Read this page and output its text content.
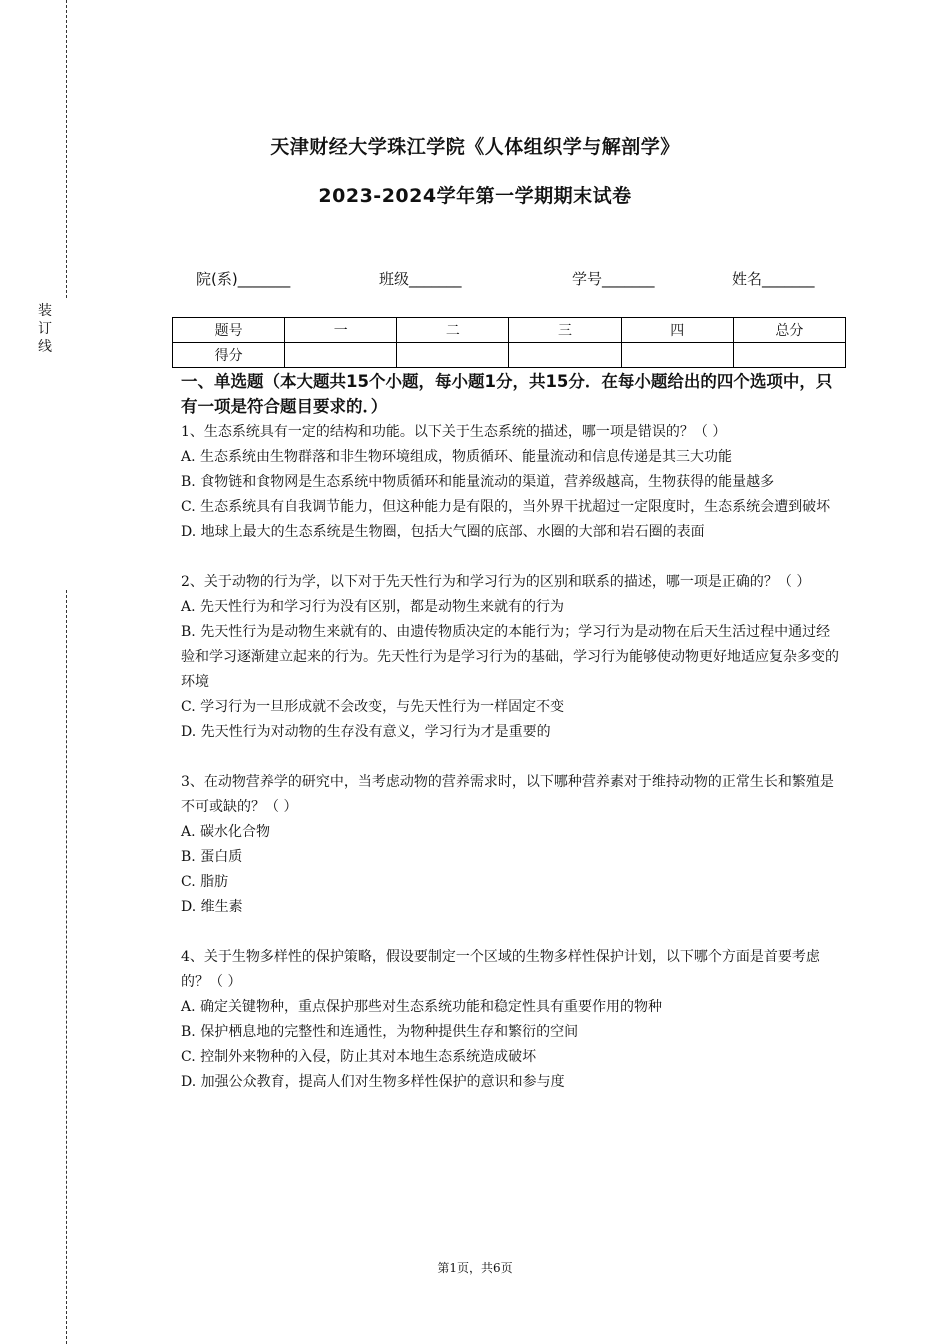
装
订
线
天津财经大学珠江学院《人体组织学与解剖学》
2023-2024学年第一学期期末试卷
院(系)_______	班级_______	学号_______	姓名_______
题号	一	二	三	四	总分
得分					
一、单选题（本大题共15个小题，每小题1分，共15分．在每小题给出的四个选项中，只有一项是符合题目要求的．）

1、生态系统具有一定的结构和功能。以下关于生态系统的描述，哪一项是错误的？（ ）

A. 生态系统由生物群落和非生物环境组成，物质循环、能量流动和信息传递是其三大功能

B. 食物链和食物网是生态系统中物质循环和能量流动的渠道，营养级越高，生物获得的能量越多

C. 生态系统具有自我调节能力，但这种能力是有限的，当外界干扰超过一定限度时，生态系统会遭到破坏

D. 地球上最大的生态系统是生物圈，包括大气圈的底部、水圈的大部和岩石圈的表面

2、关于动物的行为学，以下对于先天性行为和学习行为的区别和联系的描述，哪一项是正确的？（ ）

A. 先天性行为和学习行为没有区别，都是动物生来就有的行为

B. 先天性行为是动物生来就有的、由遗传物质决定的本能行为；学习行为是动物在后天生活过程中通过经验和学习逐渐建立起来的行为。先天性行为是学习行为的基础，学习行为能够使动物更好地适应复杂多变的环境

C. 学习行为一旦形成就不会改变，与先天性行为一样固定不变

D. 先天性行为对动物的生存没有意义，学习行为才是重要的

3、在动物营养学的研究中，当考虑动物的营养需求时，以下哪种营养素对于维持动物的正常生长和繁殖是不可或缺的？（ ）

A. 碳水化合物

B. 蛋白质

C. 脂肪

D. 维生素

4、关于生物多样性的保护策略，假设要制定一个区域的生物多样性保护计划，以下哪个方面是首要考虑的？（ ）

A. 确定关键物种，重点保护那些对生态系统功能和稳定性具有重要作用的物种

B. 保护栖息地的完整性和连通性，为物种提供生存和繁衍的空间

C. 控制外来物种的入侵，防止其对本地生态系统造成破坏

D. 加强公众教育，提高人们对生物多样性保护的意识和参与度

第1页，共6页
